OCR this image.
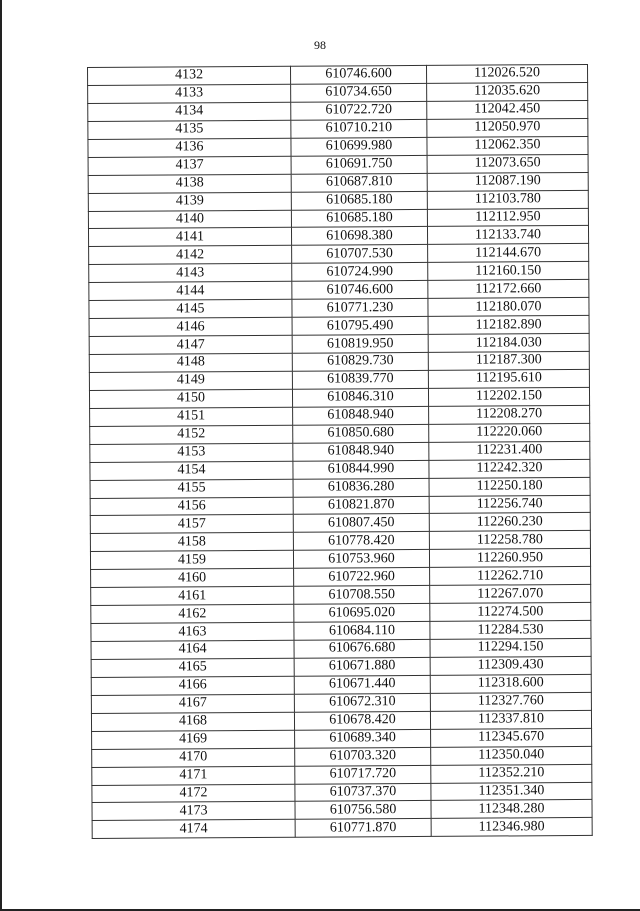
98
4132	610746.600	112026.520
4133	610734.650	112035.620
4134	610722.720	112042.450
4135	610710.210	112050.970
4136	610699.980	112062.350
4137	610691.750	112073.650
4138	610687.810	112087.190
4139	610685.180	112103.780
4140	610685.180	112112.950
4141	610698.380	112133.740
4142	610707.530	112144.670
4143	610724.990	112160.150
4144	610746.600	112172.660
4145	610771.230	112180.070
4146	610795.490	112182.890
4147	610819.950	112184.030
4148	610829.730	112187.300
4149	610839.770	112195.610
4150	610846.310	112202.150
4151	610848.940	112208.270
4152	610850.680	112220.060
4153	610848.940	112231.400
4154	610844.990	112242.320
4155	610836.280	112250.180
4156	610821.870	112256.740
4157	610807.450	112260.230
4158	610778.420	112258.780
4159	610753.960	112260.950
4160	610722.960	112262.710
4161	610708.550	112267.070
4162	610695.020	112274.500
4163	610684.110	112284.530
4164	610676.680	112294.150
4165	610671.880	112309.430
4166	610671.440	112318.600
4167	610672.310	112327.760
4168	610678.420	112337.810
4169	610689.340	112345.670
4170	610703.320	112350.040
4171	610717.720	112352.210
4172	610737.370	112351.340
4173	610756.580	112348.280
4174	610771.870	112346.980
